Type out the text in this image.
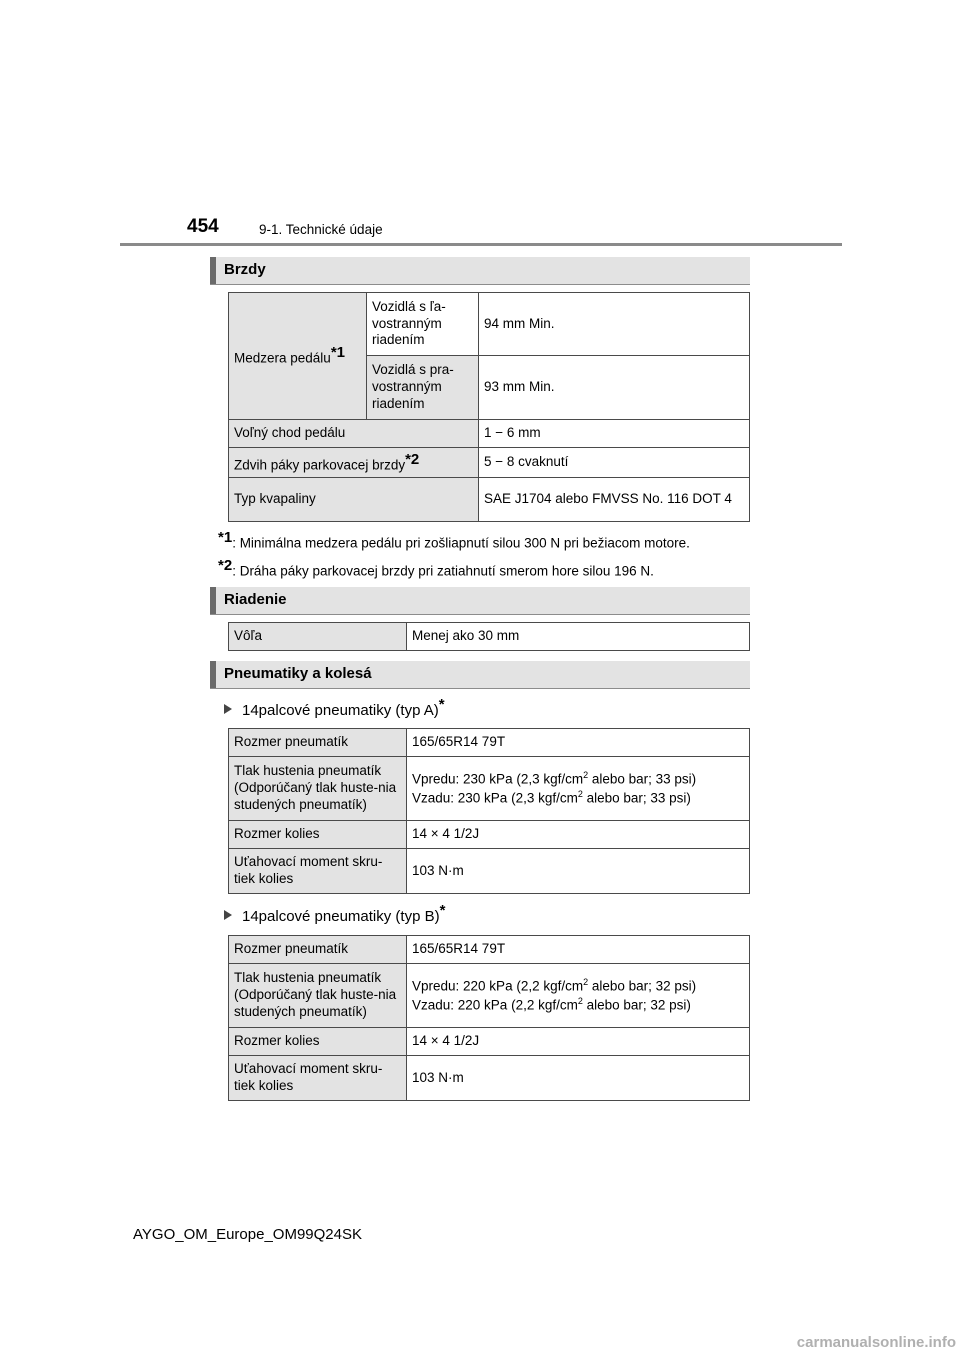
454	9-1. Technické údaje
Brzdy
Medzera pedálu$^{*1}$	Vozidlá s ľa-vostranným riadením	94 mm Min.
	Vozidlá s pra-vostranným riadením	93 mm Min.
Voľný chod pedálu		1 − 6 mm
Zdvih páky parkovacej brzdy$^{*2}$		5 − 8 cvaknutí
Typ kvapaliny		SAE J1704 alebo FMVSS No. 116 DOT 4
$^{*1}$: Minimálna medzera pedálu pri zošliapnutí silou 300 N pri bežiacom motore.
$^{*2}$: Dráha páky parkovacej brzdy pri zatiahnutí smerom hore silou 196 N.
Riadenie
Vôľa	Menej ako 30 mm
Pneumatiky a kolesá
14palcové pneumatiky (typ A)*
Rozmer pneumatík	165/65R14 79T
Tlak hustenia pneumatík (Odporúčaný tlak huste-nia studených pneumatík)	Vpredu: 230 kPa (2,3 kgf/$cm^2$ alebo bar; 33 psi)
Vzadu: 230 kPa (2,3 kgf/$cm^2$ alebo bar; 33 psi)

Rozmer kolies	14 × 4 1/2J
Uťahovací moment skru-tiek kolies	103 N·m
14palcové pneumatiky (typ B)*
Rozmer pneumatík	165/65R14 79T
Tlak hustenia pneumatík (Odporúčaný tlak huste-nia studených pneumatík)	Vpredu: 220 kPa (2,2 kgf/$cm^2$ alebo bar; 32 psi)
Vzadu: 220 kPa (2,2 kgf/$cm^2$ alebo bar; 32 psi)

Rozmer kolies	14 × 4 1/2J
Uťahovací moment skru-tiek kolies	103 N·m
AYGO_OM_Europe_OM99Q24SK
carmanualsonline.info
